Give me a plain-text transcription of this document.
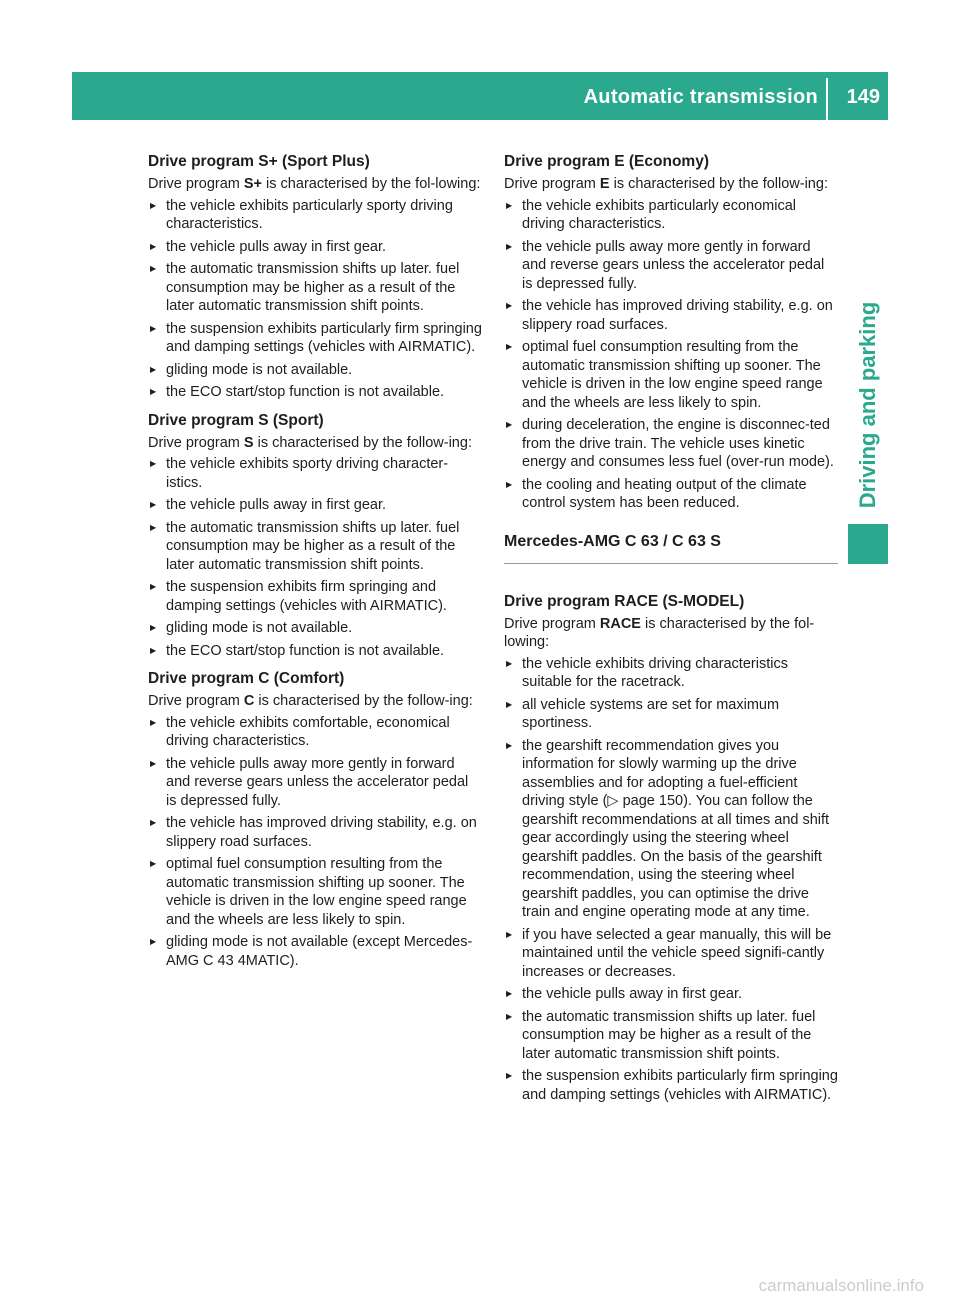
Automatic transmission 149
Driving and parking
Drive program S+ (Sport Plus)

Drive program S+ is characterised by the fol-lowing:

▶
the vehicle exhibits particularly sporty driving characteristics.
▶
the vehicle pulls away in first gear.
▶
the automatic transmission shifts up later. fuel consumption may be higher as a result of the later automatic transmission shift points.
▶
the suspension exhibits particularly firm springing and damping settings (vehicles with AIRMATIC).
▶
gliding mode is not available.
▶
the ECO start/stop function is not available.
Drive program S (Sport)

Drive program S is characterised by the follow-ing:

▶
the vehicle exhibits sporty driving character-istics.
▶
the vehicle pulls away in first gear.
▶
the automatic transmission shifts up later. fuel consumption may be higher as a result of the later automatic transmission shift points.
▶
the suspension exhibits firm springing and damping settings (vehicles with AIRMATIC).
▶
gliding mode is not available.
▶
the ECO start/stop function is not available.
Drive program C (Comfort)

Drive program C is characterised by the follow-ing:

▶
the vehicle exhibits comfortable, economical driving characteristics.
▶
the vehicle pulls away more gently in forward and reverse gears unless the accelerator pedal is depressed fully.
▶
the vehicle has improved driving stability, e.g. on slippery road surfaces.
▶
optimal fuel consumption resulting from the automatic transmission shifting up sooner. The vehicle is driven in the low engine speed range and the wheels are less likely to spin.
▶
gliding mode is not available (except Mercedes-AMG C 43 4MATIC).
Drive program E (Economy)

Drive program E is characterised by the follow-ing:

▶
the vehicle exhibits particularly economical driving characteristics.
▶
the vehicle pulls away more gently in forward and reverse gears unless the accelerator pedal is depressed fully.
▶
the vehicle has improved driving stability, e.g. on slippery road surfaces.
▶
optimal fuel consumption resulting from the automatic transmission shifting up sooner. The vehicle is driven in the low engine speed range and the wheels are less likely to spin.
▶
during deceleration, the engine is disconnec-ted from the drive train. The vehicle uses kinetic energy and consumes less fuel (over-run mode).
▶
the cooling and heating output of the climate control system has been reduced.
Mercedes-AMG C 63 / C 63 S
Drive program RACE (S-MODEL)

Drive program RACE is characterised by the fol-lowing:

▶
the vehicle exhibits driving characteristics suitable for the racetrack.
▶
all vehicle systems are set for maximum sportiness.
▶
the gearshift recommendation gives you information for slowly warming up the drive assemblies and for adopting a fuel-efficient driving style (▷ page 150). You can follow the gearshift recommendations at all times and shift gear accordingly using the steering wheel gearshift paddles. On the basis of the gearshift recommendation, using the steering wheel gearshift paddles, you can optimise the drive train and engine operating mode at any time.
▶
if you have selected a gear manually, this will be maintained until the vehicle speed signifi-cantly increases or decreases.
▶
the vehicle pulls away in first gear.
▶
the automatic transmission shifts up later. fuel consumption may be higher as a result of the later automatic transmission shift points.
▶
the suspension exhibits particularly firm springing and damping settings (vehicles with AIRMATIC).
carmanualsonline.info
